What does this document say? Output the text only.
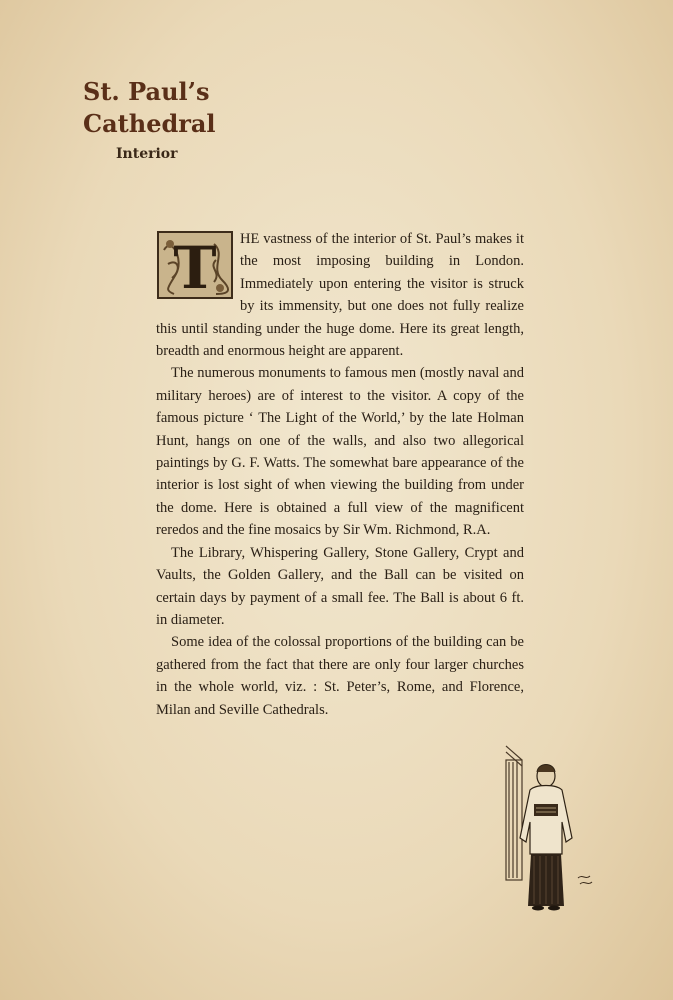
St. Paul’s
Cathedral
Interior

T HE vastness of the interior of St. Paul’s makes it the most imposing building in London. Immediately upon entering the visitor is struck by its immensity, but one does not fully realize this until standing under the huge dome. Here its great length, breadth and enormous height are apparent.

The numerous monuments to famous men (mostly naval and military heroes) are of interest to the visitor. A copy of the famous picture ‘ The Light of the World,’ by the late Holman Hunt, hangs on one of the walls, and also two allegorical paintings by G. F. Watts. The somewhat bare appearance of the interior is lost sight of when viewing the building from under the dome. Here is obtained a full view of the magnificent reredos and the fine mosaics by Sir Wm. Richmond, R.A.

The Library, Whispering Gallery, Stone Gallery, Crypt and Vaults, the Golden Gallery, and the Ball can be visited on certain days by payment of a small fee. The Ball is about 6 ft. in diameter.

Some idea of the colossal proportions of the building can be gathered from the fact that there are only four larger churches in the whole world, viz. : St. Peter’s, Rome, and Florence, Milan and Seville Cathedrals.
